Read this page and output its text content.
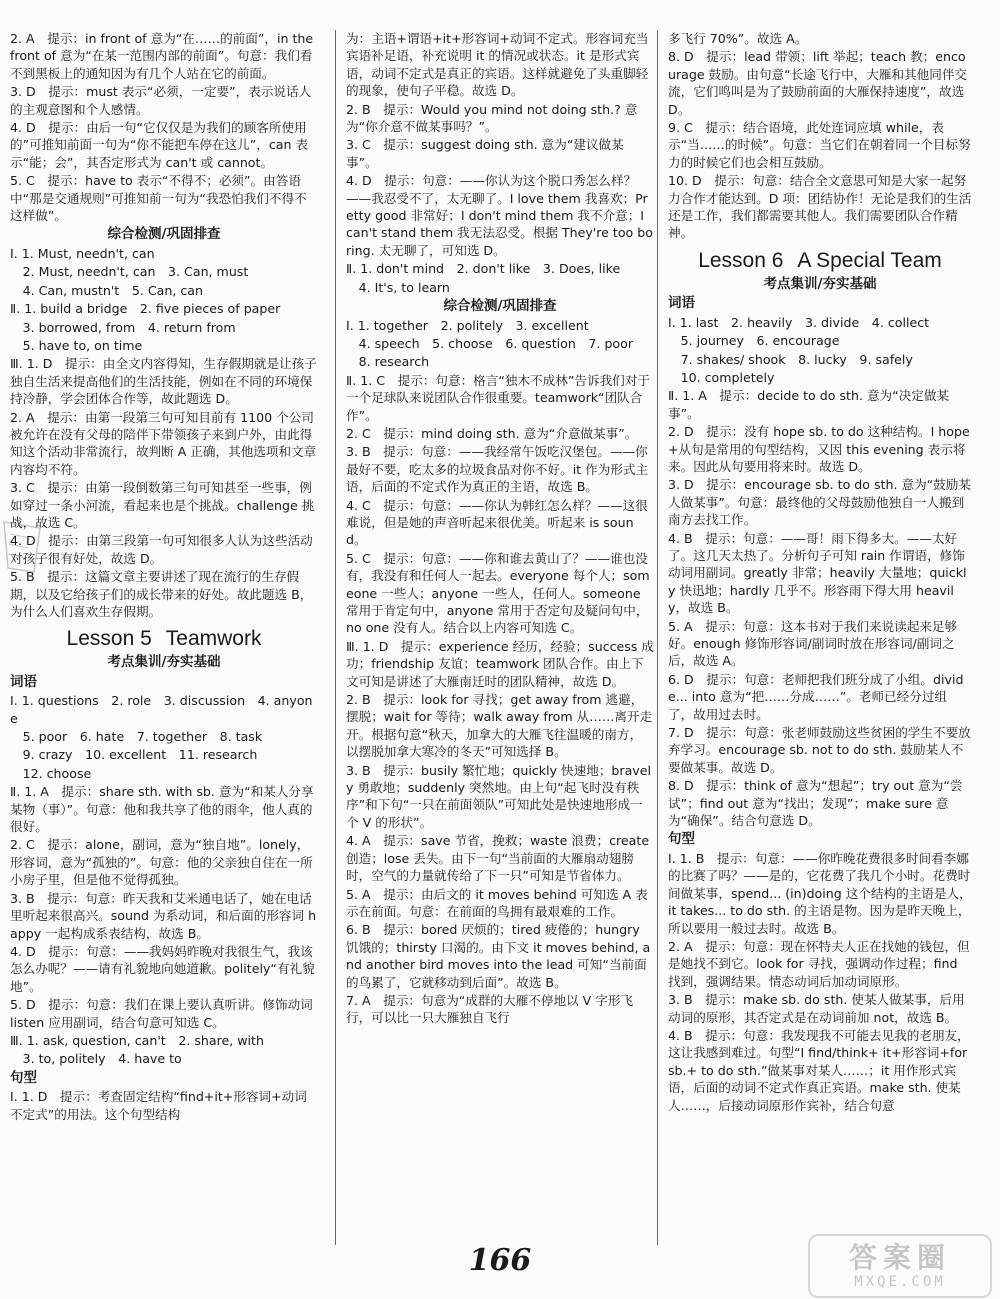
2. A　提示：in front of 意为“在……的前面”，in the front of 意为“在某一范围内部的前面”。句意：我们看不到黑板上的通知因为有几个人站在它的前面。
3. D　提示：must 表示“必须，一定要”，表示说话人的主观意图和个人感情。
4. D　提示：由后一句“它仅仅是为我们的顾客所使用的”可推知前面一句为“你不能把车停在这儿”，can 表示“能；会”，其否定形式为 can't 或 cannot。
5. C　提示：have to 表示“不得不；必须”。由答语中“那是交通规则”可推知前一句为“我恐怕我们不得不这样做”。
综合检测/巩固排查
Ⅰ. 1. Must, needn't, can
　2. Must, needn't, can　3. Can, must
　4. Can, mustn't　5. Can, can
Ⅱ. 1. build a bridge　2. five pieces of paper
　3. borrowed, from　4. return from
　5. have to, on time
Ⅲ. 1. D　提示：由全文内容得知，生存假期就是让孩子独自生活来提高他们的生活技能，例如在不同的环境保持冷静，学会团体合作等，故此题选 D。
2. A　提示：由第一段第三句可知目前有 1100 个公司被允许在没有父母的陪伴下带领孩子来到户外，由此得知这个活动非常流行，故判断 A 正确，其他选项和文章内容均不符。
3. C　提示：由第一段倒数第三句可知甚至一些事，例如穿过一条小河流，看起来也是个挑战。challenge 挑战，故选 C。
4. D　提示：由第三段第一句可知很多人认为这些活动对孩子很有好处，故选 D。
5. B　提示：这篇文章主要讲述了现在流行的生存假期，以及它给孩子们的成长带来的好处。故此题选 B，为什么人们喜欢生存假期。
Lesson 5 Teamwork
考点集训/夯实基础
词语
Ⅰ. 1. questions　2. role　3. discussion　4. anyone
　5. poor　6. hate　7. together　8. task
　9. crazy　10. excellent　11. research
　12. choose
Ⅱ. 1. A　提示：share sth. with sb. 意为“和某人分享某物（事）”。句意：他和我共享了他的雨伞，他人真的很好。
2. C　提示：alone，副词，意为“独自地”。lonely，形容词，意为“孤独的”。句意：他的父亲独自住在一所小房子里，但是他不觉得孤独。
3. B　提示：句意：昨天我和艾米通电话了，她在电话里听起来很高兴。sound 为系动词，和后面的形容词 happy 一起构成系表结构，故选 B。
4. D　提示：句意：——我妈妈昨晚对我很生气，我该怎么办呢？——请有礼貌地向她道歉。politely“有礼貌地”。
5. D　提示：句意：我们在课上要认真听讲。修饰动词 listen 应用副词，结合句意可知选 C。
Ⅲ. 1. ask, question, can't　2. share, with
　3. to, politely　4. have to
句型
Ⅰ. 1. D　提示：考查固定结构“find+it+形容词+动词不定式”的用法。这个句型结构
为：主语+谓语+it+形容词+动词不定式。形容词充当宾语补足语，补充说明 it 的情况或状态。it 是形式宾语，动词不定式是真正的宾语。这样就避免了头重脚轻的现象，使句子平稳。故选 D。
2. B　提示：Would you mind not doing sth.? 意为“你介意不做某事吗？”。
3. C　提示：suggest doing sth. 意为“建议做某事”。
4. D　提示：句意：——你认为这个脱口秀怎么样？——我忍受不了，太无聊了。I love them 我喜欢；Pretty good 非常好；I don't mind them 我不介意；I can't stand them 我无法忍受。根据 They're too boring. 太无聊了，可知选 D。
Ⅱ. 1. don't mind　2. don't like　3. Does, like
　4. It's, to learn
综合检测/巩固排查
Ⅰ. 1. together　2. politely　3. excellent
　4. speech　5. choose　6. question　7. poor
　8. research
Ⅱ. 1. C　提示：句意：格言“独木不成林”告诉我们对于一个足球队来说团队合作很重要。teamwork“团队合作”。
2. C　提示：mind doing sth. 意为“介意做某事”。
3. B　提示：句意：——我经常午饭吃汉堡包。——你最好不要，吃太多的垃圾食品对你不好。it 作为形式主语，后面的不定式作为真正的主语，故选 B。
4. C　提示：句意：——你认为韩红怎么样？——这很难说，但是她的声音听起来很优美。听起来 is sound。
5. C　提示：句意：——你和谁去黄山了？——谁也没有，我没有和任何人一起去。everyone 每个人；someone 一些人；anyone 一些人，任何人。someone 常用于肯定句中，anyone 常用于否定句及疑问句中，no one 没有人。结合以上内容可知选 C。
Ⅲ. 1. D　提示：experience 经历，经验；success 成功；friendship 友谊；teamwork 团队合作。由上下文可知是讲述了大雁南迁时的团队精神，故选 D。
2. B　提示：look for 寻找；get away from 逃避，摆脱；wait for 等待；walk away from 从……离开走开。根据句意“秋天，加拿大的大雁飞往温暖的南方，以摆脱加拿大寒冷的冬天”可知选择 B。
3. B　提示：busily 繁忙地；quickly 快速地；bravely 勇敢地；suddenly 突然地。由上句“起飞时没有秩序”和下句“一只在前面领队”可知此处是快速地形成一个 V 的形状”。
4. A　提示：save 节省，挽救；waste 浪费；create 创造；lose 丢失。由下一句“当前面的大雁扇动翅膀时，空气的力量就传给了下一只”可知是节省体力。
5. A　提示：由后文的 it moves behind 可知选 A 表示在前面。句意：在前面的鸟拥有最艰难的工作。
6. B　提示：bored 厌烦的；tired 疲倦的；hungry 饥饿的；thirsty 口渴的。由下文 it moves behind, and another bird moves into the lead 可知“当前面的鸟累了，它就移动到后面”。故选 B。
7. A　提示：句意为“成群的大雁不停地以 V 字形飞行，可以比一只大雁独自飞行
多飞行 70%”。故选 A。
8. D　提示：lead 带领；lift 举起；teach 教；encourage 鼓励。由句意“长途飞行中，大雁和其他同伴交流，它们鸣叫是为了鼓励前面的大雁保持速度”，故选 D。
9. C　提示：结合语境，此处连词应填 while，表示“当……的时候”。句意：当它们在朝着同一个目标努力的时候它们也会相互鼓励。
10. D　提示：句意：结合全文意思可知是大家一起努力合作才能达到。D 项：团结协作！无论是我们的生活还是工作，我们都需要其他人。我们需要团队合作精神。
Lesson 6 A Special Team
考点集训/夯实基础
词语
Ⅰ. 1. last　2. heavily　3. divide　4. collect
　5. journey　6. encourage
　7. shakes/ shook　8. lucky　9. safely
　10. completely
Ⅱ. 1. A　提示：decide to do sth. 意为“决定做某事”。
2. D　提示：没有 hope sb. to do 这种结构。I hope+从句是常用的句型结构，又因 this evening 表示将来。因此从句要用将来时。故选 D。
3. D　提示：encourage sb. to do sth. 意为“鼓励某人做某事”。句意：最终他的父母鼓励他独自一人搬到南方去找工作。
4. B　提示：句意：——哥！雨下得多大。——太好了。这几天太热了。分析句子可知 rain 作谓语，修饰动词用副词。greatly 非常；heavily 大量地；quickly 快迅地；hardly 几乎不。形容雨下得大用 heavily，故选 B。
5. A　提示：句意：这本书对于我们来说读起来足够好。enough 修饰形容词/副词时放在形容词/副词之后，故选 A。
6. D　提示：句意：老师把我们班分成了小组。divide... into 意为“把……分成……”。老师已经分过组了，故用过去时。
7. D　提示：句意：张老师鼓励这些贫困的学生不要放弃学习。encourage sb. not to do sth. 鼓励某人不要做某事。故选 D。
8. D　提示：think of 意为“想起”；try out 意为“尝试”；find out 意为“找出；发现”；make sure 意为“确保”。结合句意选 D。
句型
Ⅰ. 1. B　提示：句意：——你昨晚花费很多时间看李娜的比赛了吗？——是的，它花费了我几个小时。花费时间做某事，spend... (in)doing 这个结构的主语是人，it takes... to do sth. 的主语是物。因为是昨天晚上，所以要用一般过去时。故选 B。
2. A　提示：句意：现在怀特夫人正在找她的钱包，但是她找不到它。look for 寻找，强调动作过程；find 找到，强调结果。情态动词后加动词原形。
3. B　提示：make sb. do sth. 使某人做某事，后用动词的原形，其否定式是在动词前加 not，故选 B。
4. B　提示：句意：我发现我不可能去见我的老朋友，这让我感到难过。句型“I find/think+ it+形容词+for sb.+ to do sth.”做某事对某人……；it 用作形式宾语，后面的动词不定式作真正宾语。make sth. 使某人……，后接动词原形作宾补，结合句意
166	答案圈
MXQE.COM
